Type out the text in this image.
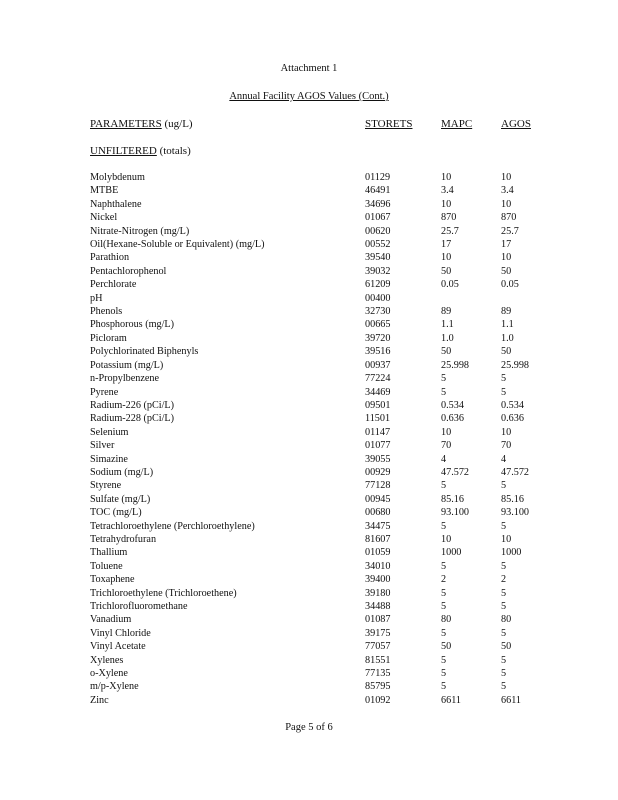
Attachment 1
Annual Facility AGOS Values (Cont.)
PARAMETERS (ug/L)	STORETS	MAPC	AGOS
UNFILTERED (totals)
Molybdenum	01129	10	10
MTBE	46491	3.4	3.4
Naphthalene	34696	10	10
Nickel	01067	870	870
Nitrate-Nitrogen (mg/L)	00620	25.7	25.7
Oil(Hexane-Soluble or Equivalent) (mg/L)	00552	17	17
Parathion	39540	10	10
Pentachlorophenol	39032	50	50
Perchlorate	61209	0.05	0.05
pH	00400
Phenols	32730	89	89
Phosphorous (mg/L)	00665	1.1	1.1
Picloram	39720	1.0	1.0
Polychlorinated Biphenyls	39516	50	50
Potassium (mg/L)	00937	25.998	25.998
n-Propylbenzene	77224	5	5
Pyrene	34469	5	5
Radium-226 (pCi/L)	09501	0.534	0.534
Radium-228 (pCi/L)	11501	0.636	0.636
Selenium	01147	10	10
Silver	01077	70	70
Simazine	39055	4	4
Sodium (mg/L)	00929	47.572	47.572
Styrene	77128	5	5
Sulfate (mg/L)	00945	85.16	85.16
TOC (mg/L)	00680	93.100	93.100
Tetrachloroethylene (Perchloroethylene)	34475	5	5
Tetrahydrofuran	81607	10	10
Thallium	01059	1000	1000
Toluene	34010	5	5
Toxaphene	39400	2	2
Trichloroethylene (Trichloroethene)	39180	5	5
Trichlorofluoromethane	34488	5	5
Vanadium	01087	80	80
Vinyl Chloride	39175	5	5
Vinyl Acetate	77057	50	50
Xylenes	81551	5	5
o-Xylene	77135	5	5
m/p-Xylene	85795	5	5
Zinc	01092	6611	6611
Page 5 of 6
